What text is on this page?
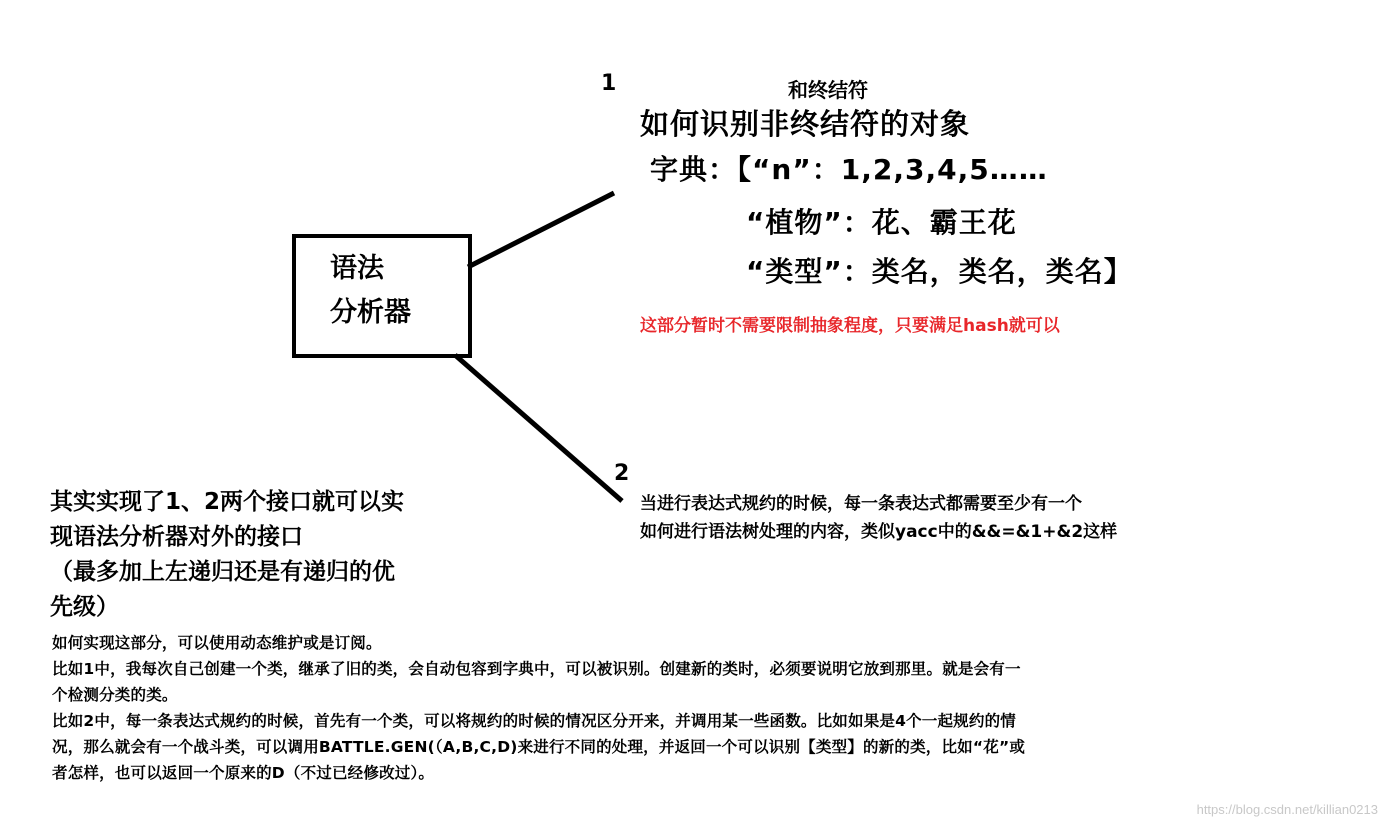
语法
分析器
1	和终结符
如何识别非终结符的对象
字典：【“n”：1,2,3,4,5……
“植物”：花、霸王花
“类型”：类名，类名，类名】
这部分暂时不需要限制抽象程度，只要满足hash就可以
2
当进行表达式规约的时候，每一条表达式都需要至少有一个
如何进行语法树处理的内容，类似yacc中的&&=&1+&2这样
其实实现了1、2两个接口就可以实
现语法分析器对外的接口
（最多加上左递归还是有递归的优
先级）
如何实现这部分，可以使用动态维护或是订阅。
比如1中，我每次自己创建一个类，继承了旧的类，会自动包容到字典中，可以被识别。创建新的类时，必须要说明它放到那里。就是会有一
个检测分类的类。
比如2中，每一条表达式规约的时候，首先有一个类，可以将规约的时候的情况区分开来，并调用某一些函数。比如如果是4个一起规约的情
况，那么就会有一个战斗类，可以调用BATTLE.GEN(（A,B,C,D)来进行不同的处理，并返回一个可以识别【类型】的新的类，比如“花”或
者怎样，也可以返回一个原来的D（不过已经修改过）。
https://blog.csdn.net/killian0213
